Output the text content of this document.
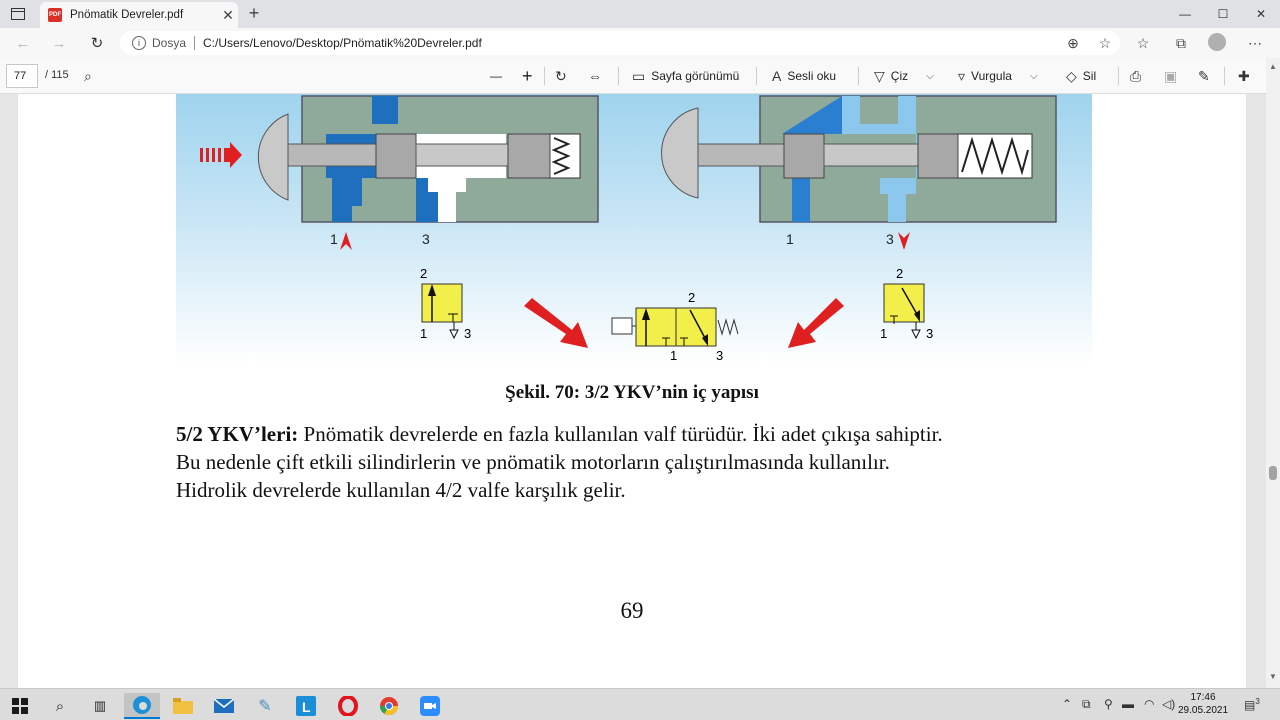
PDF Pnömatik Devreler.pdf	✕ +	—	☐	✕
← →	↻	i	Dosya C:/Users/Lenovo/Desktop/Pnömatik%20Devreler.pdf	⊕	☆	☆	⧉	⋯
77	/ 115 ⌕	— + ↻ ⇔ ▭ Sayfa görünümü A Sesli oku	▽ Çiz ⌵ ▿ Vurgula ⌵ ◇ Sil ⎙ ▣ ✎ ✚
1	3	1	3
2
1	3
2
1	3
2
1	3
Şekil. 70: 3/2 YKV’nin iç yapısı
5/2 YKV’leri: Pnömatik devrelerde en fazla kullanılan valf türüdür. İki adet çıkışa sahiptir.
Bu nedenle çift etkili silindirlerin ve pnömatik motorların çalıştırılmasında kullanılır.
Hidrolik devrelerde kullanılan 4/2 valfe karşılık gelir.
69
▲
▼
⌕	▥	✎	L	⌃ ⧉ ⚲ ▬ ◠ ◁)	17:46
29.05.2021 ▤$^3$
